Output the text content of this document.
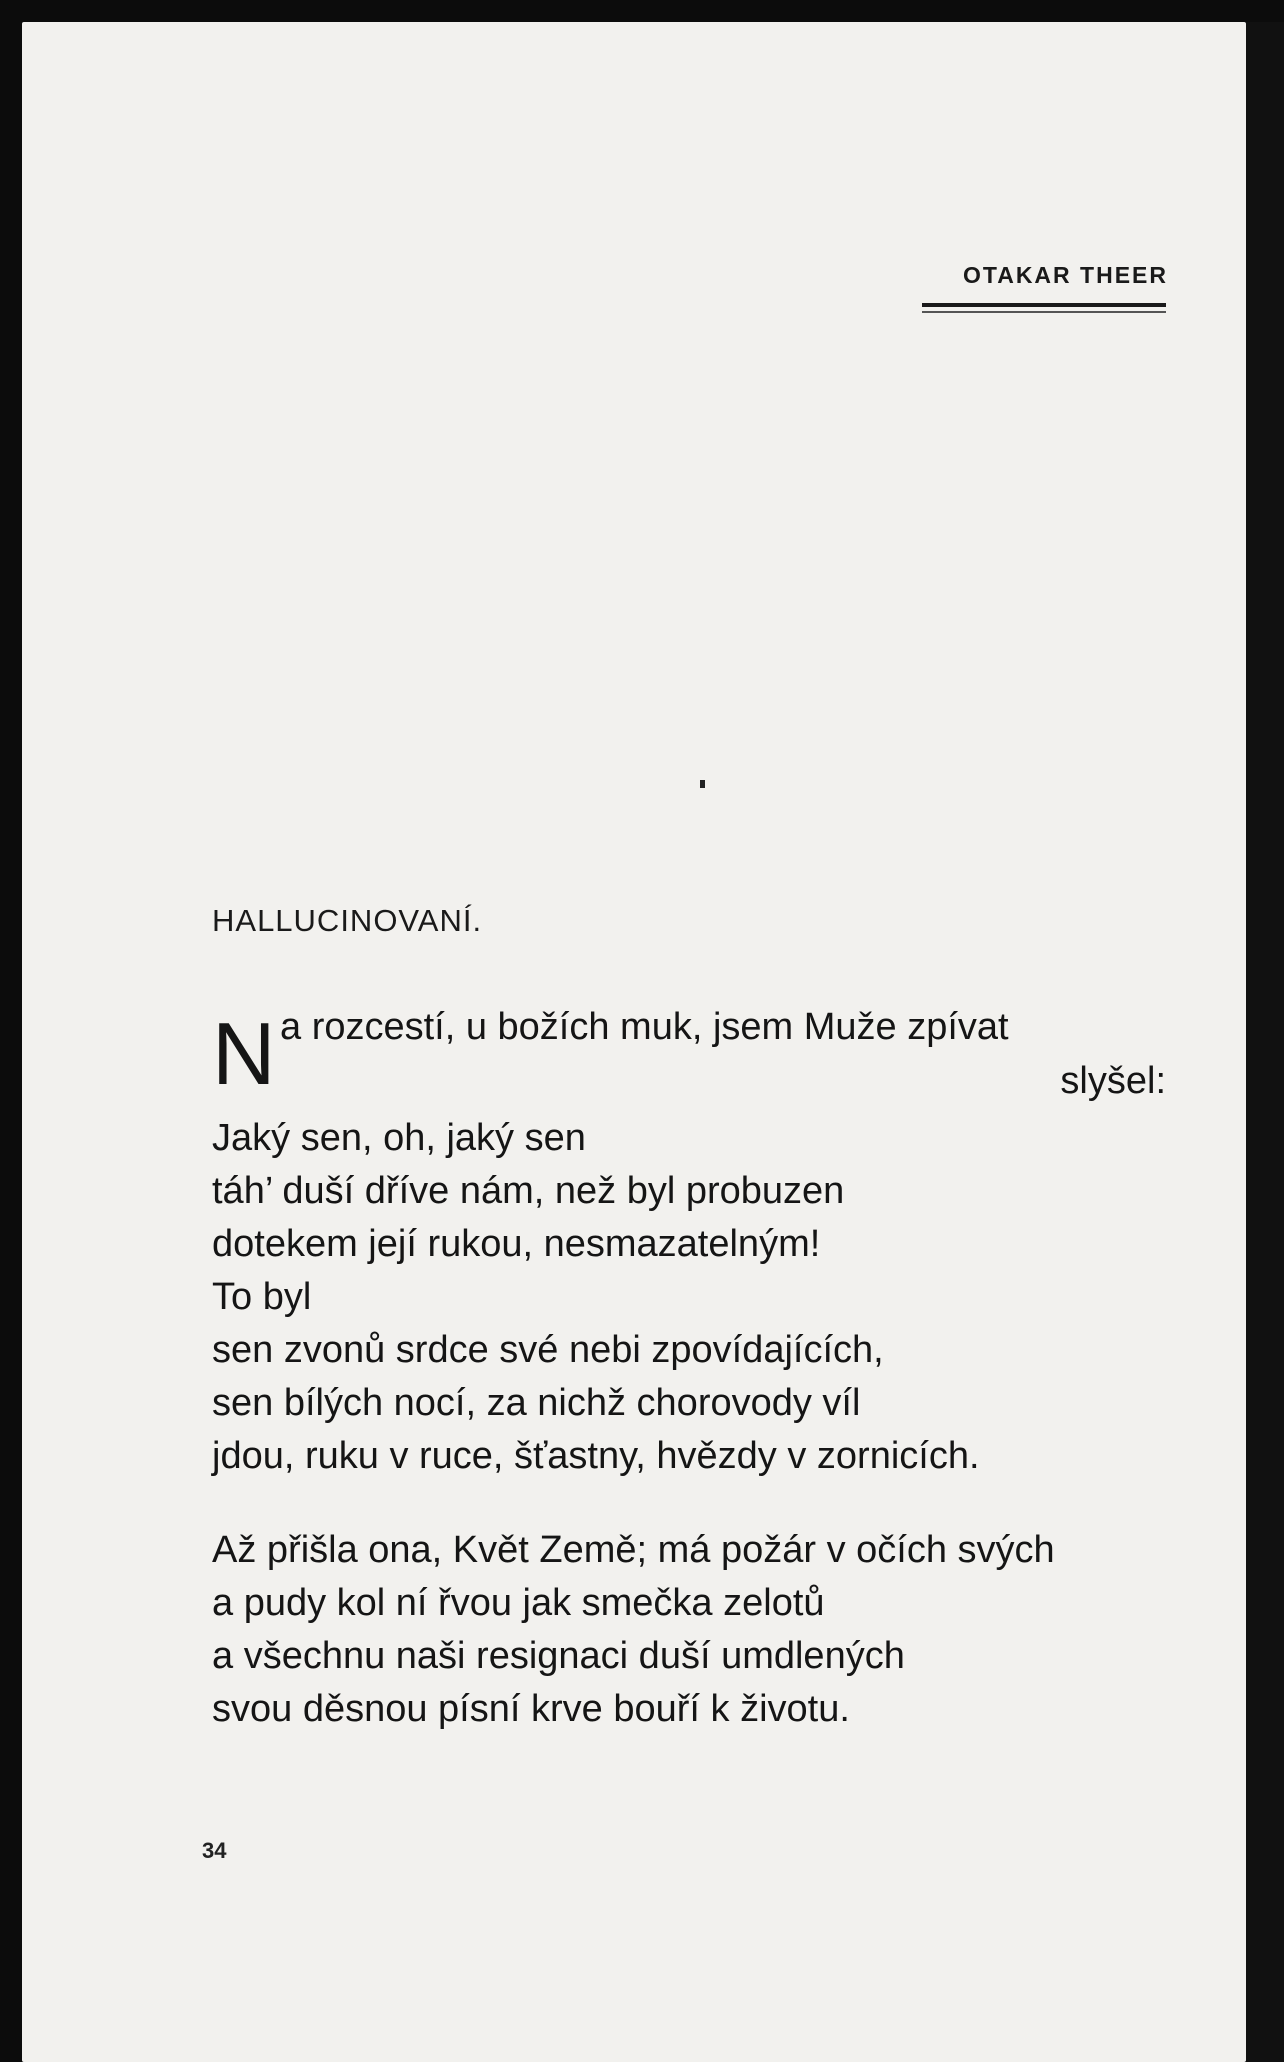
OTAKAR THEER
HALLUCINOVANÍ.
N a rozcestí, u božích muk, jsem Muže zpívat
slyšel:
Jaký sen, oh, jaký sen
táh’ duší dříve nám, než byl probuzen
dotekem její rukou, nesmazatelným!
To byl
sen zvonů srdce své nebi zpovídajících,
sen bílých nocí, za nichž chorovody víl
jdou, ruku v ruce, šťastny, hvězdy v zornicích.
Až přišla ona, Květ Země; má požár v očích svých
a pudy kol ní řvou jak smečka zelotů
a všechnu naši resignaci duší umdlených
svou děsnou písní krve bouří k životu.
34
